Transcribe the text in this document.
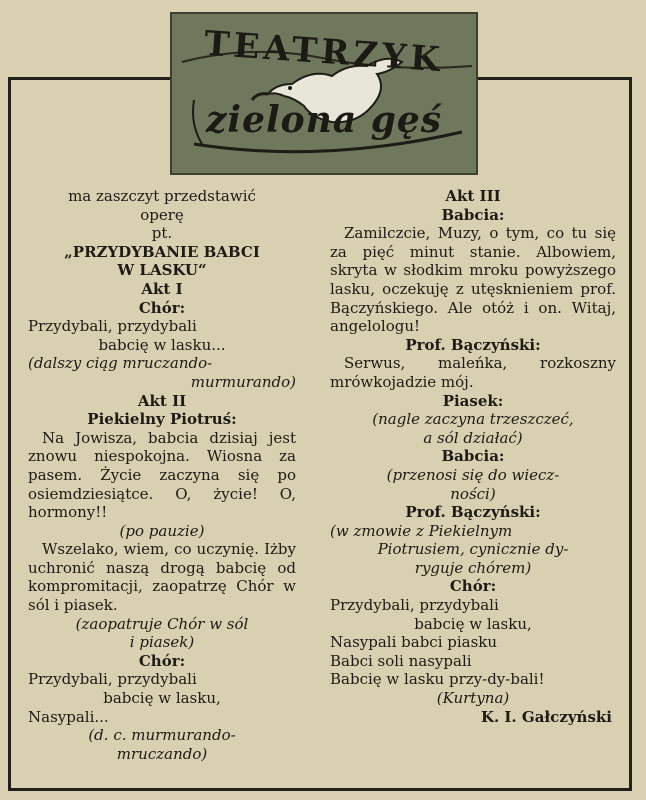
TEATRZYK
zielona gęś

ma zaszczyt przedstawić

operę

pt.

„PRZYDYBANIE BABCI

W LASKU“

Akt I

Chór:

Przydybali, przydybali

babcię w lasku...

(dalszy ciąg mruczando-

murmurando)

Akt II

Piekielny Piotruś:

Na Jowisza, babcia dzisiaj jest znowu niespokojna. Wiosna za pasem. Życie zaczyna się po osiemdziesiątce. O, życie! O, hormony!!

(po pauzie)

Wszelako, wiem, co uczynię. Iżby uchronić naszą drogą babcię od kompromitacji, zaopatrzę Chór w sól i piasek.

(zaopatruje Chór w sól

i piasek)

Chór:

Przydybali, przydybali

babcię w lasku,

Nasypali...

(d. c. murmurando-

mruczando)

Akt III

Babcia:

Zamilczcie, Muzy, o tym, co tu się za pięć minut stanie. Albowiem, skryta w słodkim mroku powyższego lasku, oczekuję z utęsknieniem prof. Bączyńskiego. Ale otóż i on. Witaj, angelologu!

Prof. Bączyński:

Serwus, maleńka, rozkoszny mrówkojadzie mój.

Piasek:

(nagle zaczyna trzeszczeć,

a sól działać)

Babcia:

(przenosi się do wiecz-

ności)

Prof. Bączyński:

(w zmowie z Piekielnym

Piotrusiem, cynicznie dy-

ryguje chórem)

Chór:

Przydybali, przydybali

babcię w lasku,

Nasypali babci piasku

Babci soli nasypali

Babcię w lasku przy-dy-bali!

(Kurtyna)

K. I. Gałczyński
